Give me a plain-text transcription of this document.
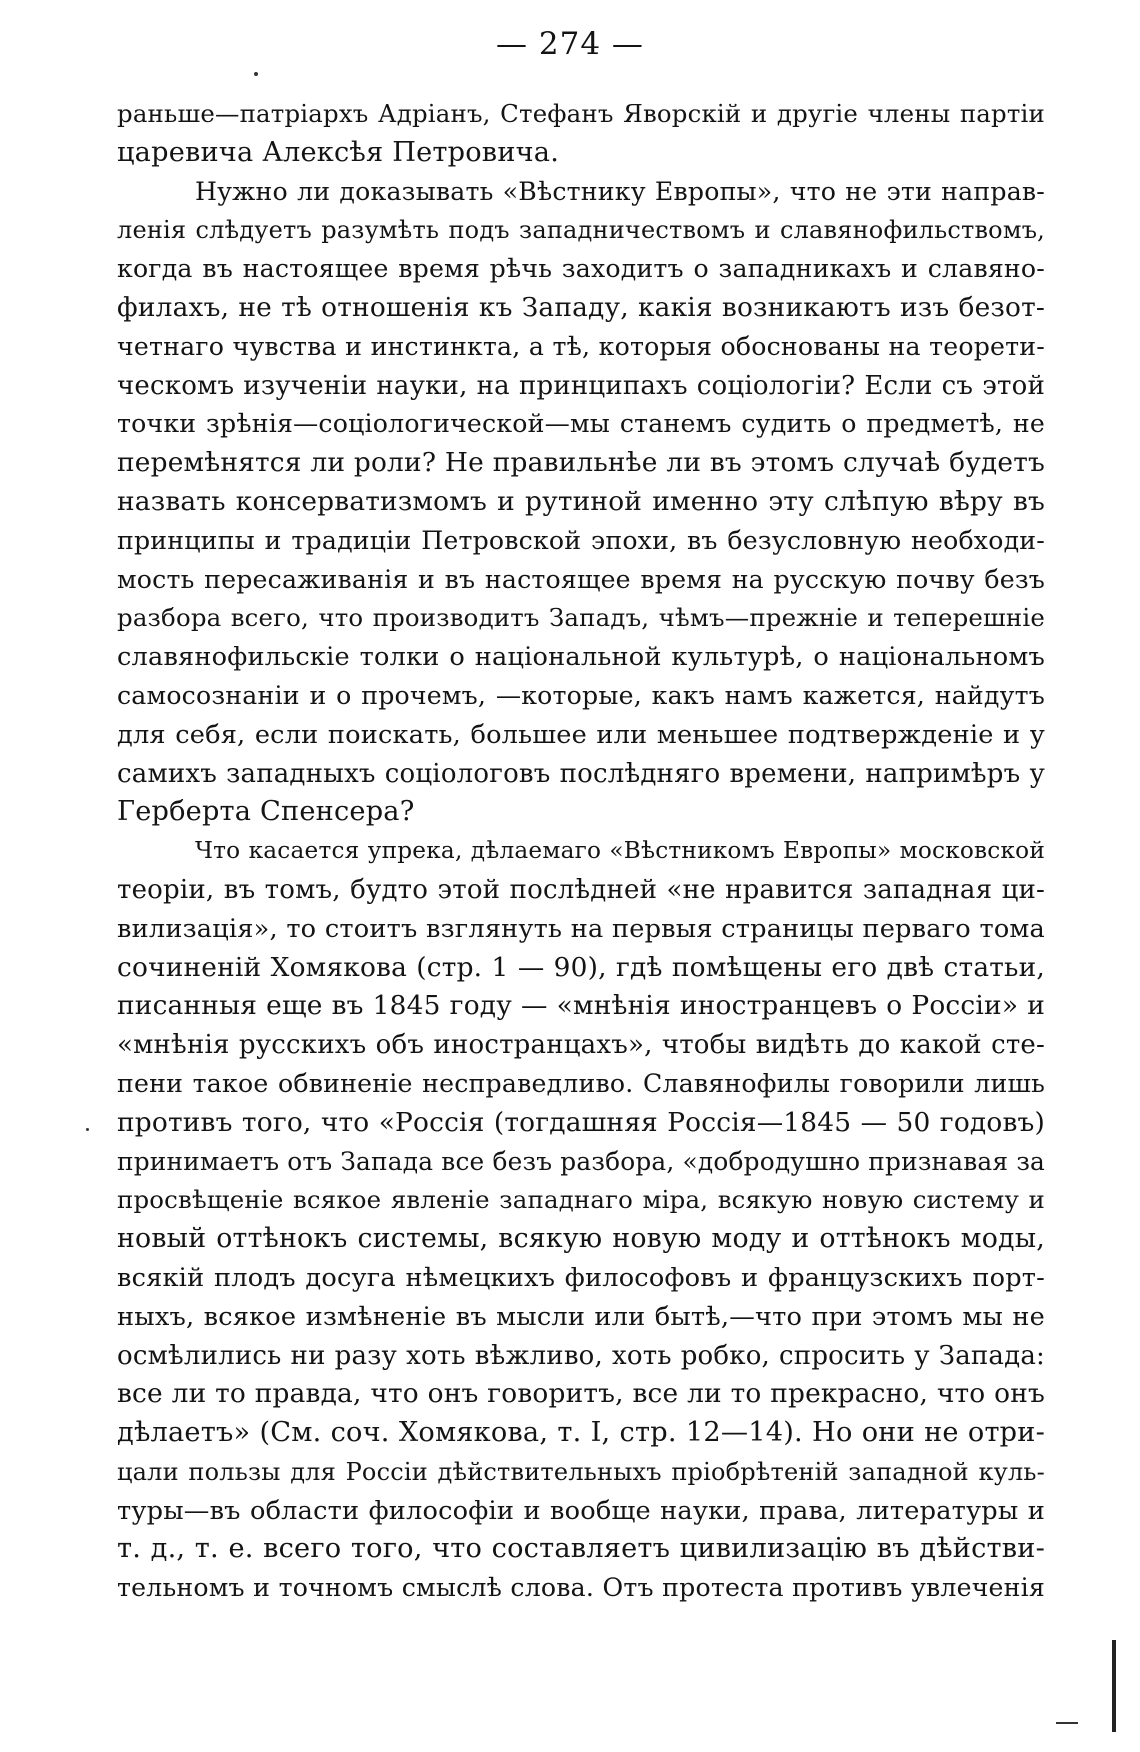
— 274 —
раньше—патріархъ Адріанъ, Стефанъ Яворскій и другіе члены партіи
царевича Алексѣя Петровича.
Нужно ли доказывать «Вѣстнику Европы», что не эти направ-
ленія слѣдуетъ разумѣть подъ западничествомъ и славянофильствомъ,
когда въ настоящее время рѣчь заходитъ о западникахъ и славяно-
филахъ, не тѣ отношенія къ Западу, какія возникаютъ изъ безот-
четнаго чувства и инстинкта, а тѣ, которыя обоснованы на теорети-
ческомъ изученіи науки, на принципахъ соціологіи? Если съ этой
точки зрѣнія—соціологической—мы станемъ судить о предметѣ, не
перемѣнятся ли роли? Не правильнѣе ли въ этомъ случаѣ будетъ
назвать консерватизмомъ и рутиной именно эту слѣпую вѣру въ
принципы и традиціи Петровской эпохи, въ безусловную необходи-
мость пересаживанія и въ настоящее время на русскую почву безъ
разбора всего, что производитъ Западъ, чѣмъ—прежніе и теперешніе
славянофильскіе толки о національной культурѣ, о національномъ
самосознаніи и о прочемъ, —которые, какъ намъ кажется, найдутъ
для себя, если поискать, большее или меньшее подтвержденіе и у
самихъ западныхъ соціологовъ послѣдняго времени, напримѣръ у
Герберта Спенсера?
Что касается упрека, дѣлаемаго «Вѣстникомъ Европы» московской
теоріи, въ томъ, будто этой послѣдней «не нравится западная ци-
вилизація», то стоитъ взглянуть на первыя страницы перваго тома
сочиненій Хомякова (стр. 1 — 90), гдѣ помѣщены его двѣ статьи,
писанныя еще въ 1845 году — «мнѣнія иностранцевъ о Россіи» и
«мнѣнія русскихъ объ иностранцахъ», чтобы видѣть до какой сте-
пени такое обвиненіе несправедливо. Славянофилы говорили лишь
противъ того, что «Россія (тогдашняя Россія—1845 — 50 годовъ)
принимаетъ отъ Запада все безъ разбора, «добродушно признавая за
просвѣщеніе всякое явленіе западнаго міра, всякую новую систему и
новый оттѣнокъ системы, всякую новую моду и оттѣнокъ моды,
всякій плодъ досуга нѣмецкихъ философовъ и французскихъ порт-
ныхъ, всякое измѣненіе въ мысли или бытѣ,—что при этомъ мы не
осмѣлились ни разу хоть вѣжливо, хоть робко, спросить у Запада:
все ли то правда, что онъ говоритъ, все ли то прекрасно, что онъ
дѣлаетъ» (См. соч. Хомякова, т. I, стр. 12—14). Но они не отри-
цали пользы для Россіи дѣйствительныхъ пріобрѣтеній западной куль-
туры—въ области философіи и вообще науки, права, литературы и
т. д., т. е. всего того, что составляетъ цивилизацію въ дѣйстви-
тельномъ и точномъ смыслѣ слова. Отъ протеста противъ увлеченія
